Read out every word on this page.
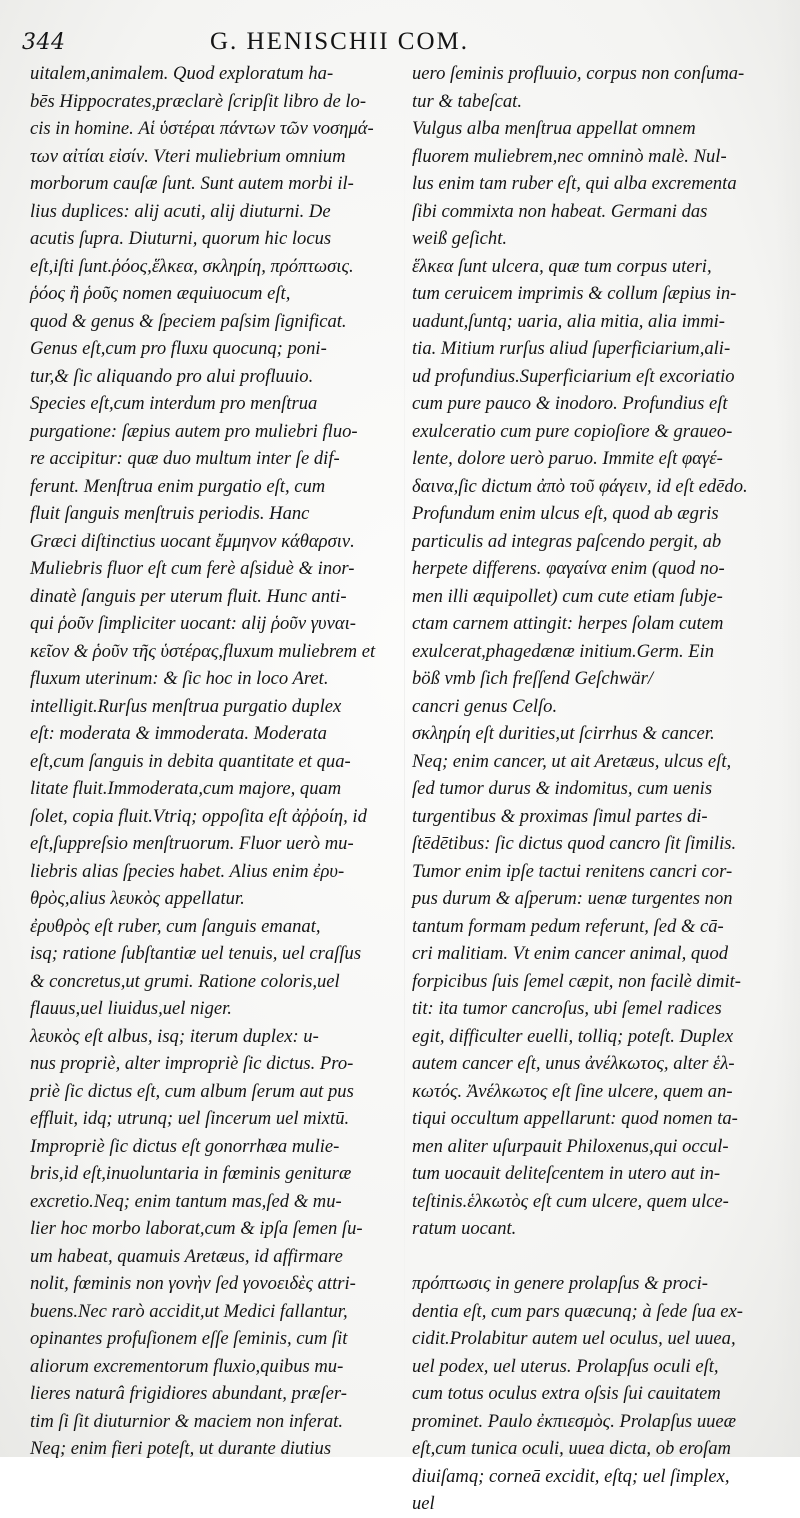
344	G. HENISCHII COM.
uitalem,animalem. Quod exploratum ha-
bēs Hippocrates,præclarè ſcripſit libro de lo-
cis in homine. Αἱ ὑστέραι πάντων τῶν νοσημά-
των αἰτίαι εἰσίν. Vteri muliebrium omnium
morborum cauſæ ſunt. Sunt autem morbi il-
lius duplices: alij acuti, alij diuturni. De
acutis ſupra. Diuturni, quorum hic locus
eſt,iſti ſunt.ῥόος,ἕλκεα, σκληρίη, πρόπτωσις.
ῥόος ἢ ῥοῦς nomen æquiuocum eſt,
quod & genus & ſpeciem paſsim ſignificat.
Genus eſt,cum pro fluxu quocunq; poni-
tur,& ſic aliquando pro alui profluuio.
Species eſt,cum interdum pro menſtrua
purgatione: ſæpius autem pro muliebri fluo-
re accipitur: quæ duo multum inter ſe dif-
ferunt. Menſtrua enim purgatio eſt, cum
fluit ſanguis menſtruis periodis. Hanc
Græci diſtinctius uocant ἔμμηνον κάθαρσιν.
Muliebris fluor eſt cum ferè aſsiduè & inor-
dinatè ſanguis per uterum fluit. Hunc anti-
qui ῥοῦν ſimpliciter uocant: alij ῥοῦν γυναι-
κεῖον & ῥοῦν τῆς ὑστέρας,fluxum muliebrem et
fluxum uterinum: & ſic hoc in loco Aret.
intelligit.Rurſus menſtrua purgatio duplex
eſt: moderata & immoderata. Moderata
eſt,cum ſanguis in debita quantitate et qua-
litate fluit.Immoderata,cum majore, quam
ſolet, copia fluit.Vtriq; oppoſita eſt ἀῤῥοίη, id
eſt,ſuppreſsio menſtruorum. Fluor uerò mu-
liebris alias ſpecies habet. Alius enim ἐρυ-
θρὸς,alius λευκὸς appellatur.
ἐρυθρὸς eſt ruber, cum ſanguis emanat,
isq; ratione ſubſtantiæ uel tenuis, uel craſſus
& concretus,ut grumi. Ratione coloris,uel
flauus,uel liuidus,uel niger.
λευκὸς eſt albus, isq; iterum duplex: u-
nus propriè, alter impropriè ſic dictus. Pro-
priè ſic dictus eſt, cum album ſerum aut pus
effluit, idq; utrunq; uel ſincerum uel mixtū.
Impropriè ſic dictus eſt gonorrhæa mulie-
bris,id eſt,inuoluntaria in fœminis genituræ
excretio.Neq; enim tantum mas,ſed & mu-
lier hoc morbo laborat,cum & ipſa ſemen ſu-
um habeat, quamuis Aretæus, id affirmare
nolit, fœminis non γονὴν ſed γονοειδὲς attri-
buens.Nec rarò accidit,ut Medici fallantur,
opinantes profuſionem eſſe ſeminis, cum ſit
aliorum excrementorum fluxio,quibus mu-
lieres naturâ frigidiores abundant, præſer-
tim ſi ſit diuturnior & maciem non inferat.
Neq; enim fieri poteſt, ut durante diutius
uero ſeminis profluuio, corpus non conſuma-
tur & tabeſcat.
Vulgus alba menſtrua appellat omnem
fluorem muliebrem,nec omninò malè. Nul-
lus enim tam ruber eſt, qui alba excrementa
ſibi commixta non habeat. Germani das
weiß geſicht.
ἕλκεα ſunt ulcera, quæ tum corpus uteri,
tum ceruicem imprimis & collum ſæpius in-
uadunt,ſuntq; uaria, alia mitia, alia immi-
tia. Mitium rurſus aliud ſuperficiarium,ali-
ud profundius.Superficiarium eſt excoriatio
cum pure pauco & inodoro. Profundius eſt
exulceratio cum pure copioſiore & graueo-
lente, dolore uerò paruo. Immite eſt φαγέ-
δαινα,ſic dictum ἀπὸ τοῦ φάγειν, id eſt edēdo.
Profundum enim ulcus eſt, quod ab ægris
particulis ad integras paſcendo pergit, ab
herpete differens. φαγαίνα enim (quod no-
men illi æquipollet) cum cute etiam ſubje-
ctam carnem attingit: herpes ſolam cutem
exulcerat,phagedænæ initium.Germ. Ein
böß vmb ſich freſſend Geſchwär/
cancri genus Celſo.
σκληρίη eſt durities,ut ſcirrhus & cancer.
Neq; enim cancer, ut ait Aretæus, ulcus eſt,
ſed tumor durus & indomitus, cum uenis
turgentibus & proximas ſimul partes di-
ſtēdētibus: ſic dictus quod cancro ſit ſimilis.
Tumor enim ipſe tactui renitens cancri cor-
pus durum & aſperum: uenæ turgentes non
tantum formam pedum referunt, ſed & cā-
cri malitiam. Vt enim cancer animal, quod
forpicibus ſuis ſemel cæpit, non facilè dimit-
tit: ita tumor cancroſus, ubi ſemel radices
egit, difficulter euelli, tolliq; poteſt. Duplex
autem cancer eſt, unus ἀνέλκωτος, alter ἑλ-
κωτός. Ἀνέλκωτος eſt ſine ulcere, quem an-
tiqui occultum appellarunt: quod nomen ta-
men aliter uſurpauit Philoxenus,qui occul-
tum uocauit deliteſcentem in utero aut in-
teſtinis.ἑλκωτὸς eſt cum ulcere, quem ulce-
ratum uocant.
πρόπτωσις in genere prolapſus & proci-
dentia eſt, cum pars quæcunq; à ſede ſua ex-
cidit.Prolabitur autem uel oculus, uel uuea,
uel podex, uel uterus. Prolapſus oculi eſt,
cum totus oculus extra oſsis ſui cauitatem
prominet. Paulo ἐκπιεσμὸς. Prolapſus uueæ
eſt,cum tunica oculi, uuea dicta, ob eroſam
diuiſamq; corneā excidit, eſtq; uel ſimplex,
uel
